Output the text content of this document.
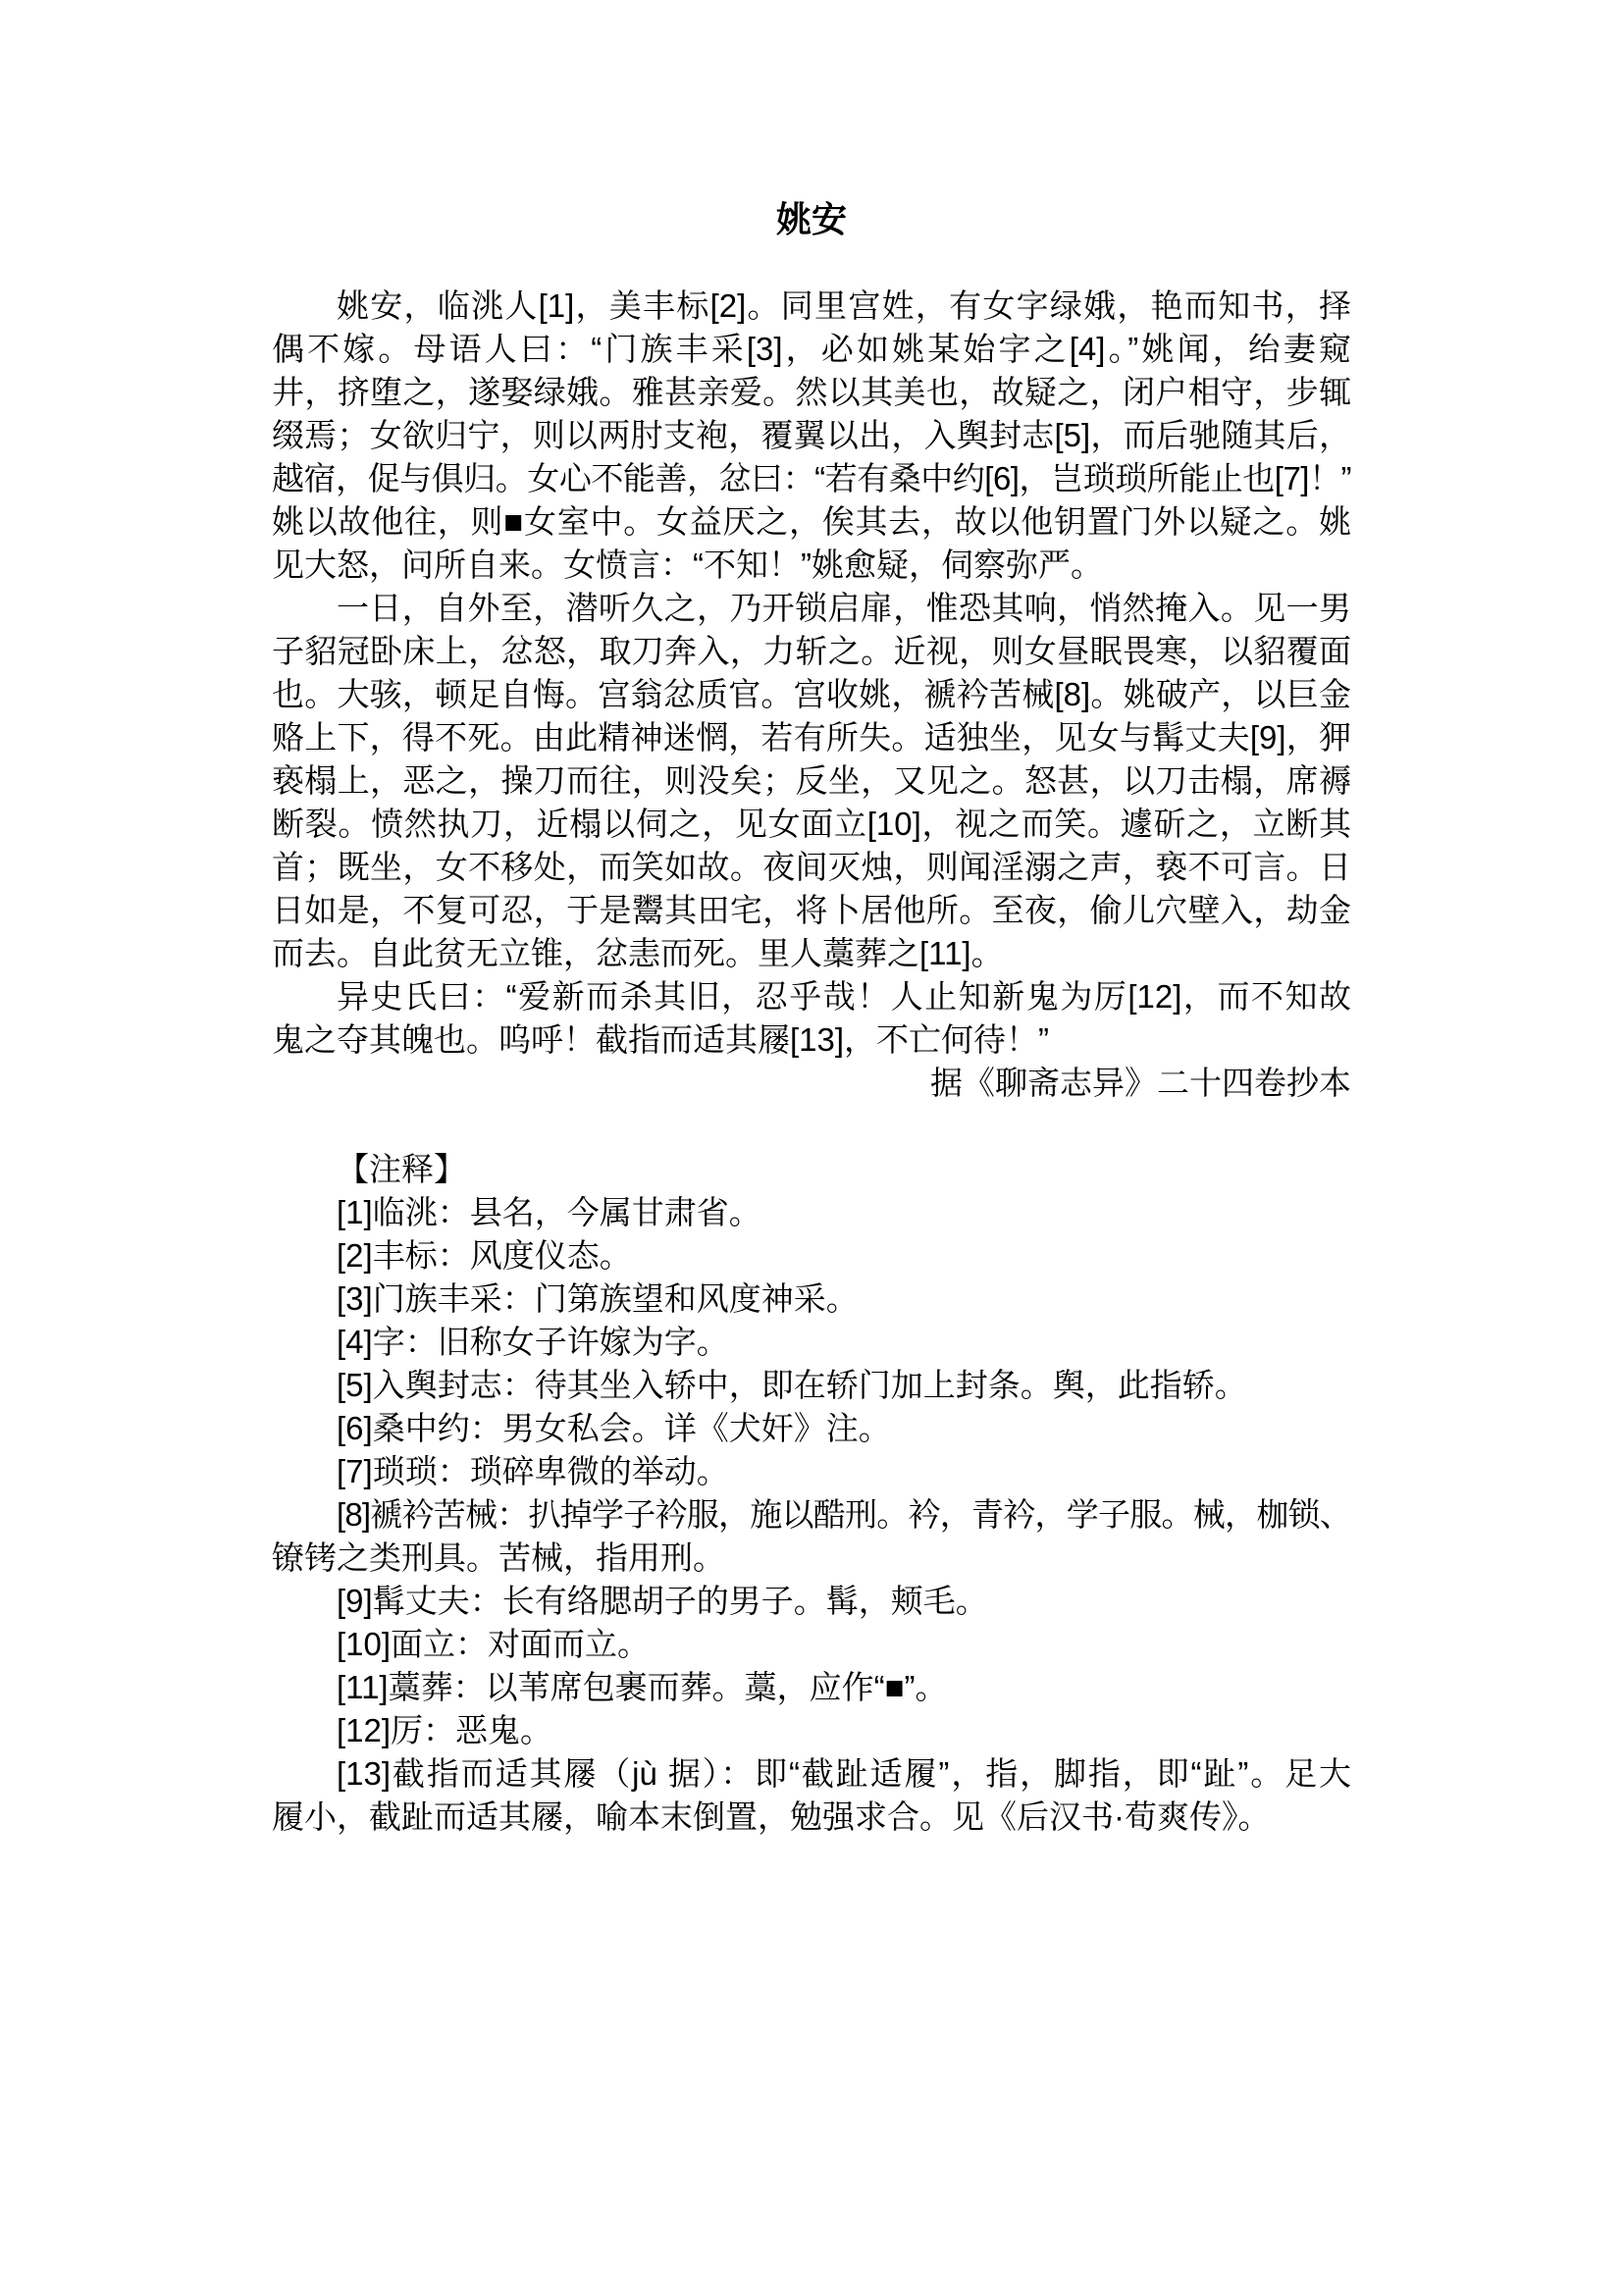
姚安
姚安，临洮人[1]，美丰标[2]。同里宫姓，有女字绿娥，艳而知书，择
偶不嫁。母语人曰：“门族丰采[3]，必如姚某始字之[4]。”姚闻，绐妻窥
井，挤堕之，遂娶绿娥。雅甚亲爱。然以其美也，故疑之，闭户相守，步辄
缀焉；女欲归宁，则以两肘支袍，覆翼以出，入舆封志[5]，而后驰随其后，
越宿，促与俱归。女心不能善，忿曰：“若有桑中约[6]，岂琐琐所能止也[7]！”
姚以故他往，则■女室中。女益厌之，俟其去，故以他钥置门外以疑之。姚
见大怒，问所自来。女愤言：“不知！”姚愈疑，伺察弥严。
一日，自外至，潜听久之，乃开锁启扉，惟恐其响，悄然掩入。见一男
子貂冠卧床上，忿怒，取刀奔入，力斩之。近视，则女昼眠畏寒，以貂覆面
也。大骇，顿足自悔。宫翁忿质官。宫收姚，褫衿苦械[8]。姚破产，以巨金
赂上下，得不死。由此精神迷惘，若有所失。适独坐，见女与髯丈夫[9]，狎
亵榻上，恶之，操刀而往，则没矣；反坐，又见之。怒甚，以刀击榻，席褥
断裂。愤然执刀，近榻以伺之，见女面立[10]，视之而笑。遽斫之，立断其
首；既坐，女不移处，而笑如故。夜间灭烛，则闻淫溺之声，亵不可言。日
日如是，不复可忍，于是鬻其田宅，将卜居他所。至夜，偷儿穴壁入，劫金
而去。自此贫无立锥，忿恚而死。里人藁葬之[11]。
异史氏曰：“爱新而杀其旧，忍乎哉！人止知新鬼为厉[12]，而不知故
鬼之夺其魄也。呜呼！截指而适其屦[13]，不亡何待！”
据《聊斋志异》二十四卷抄本
【注释】
[1]临洮：县名，今属甘肃省。
[2]丰标：风度仪态。
[3]门族丰采：门第族望和风度神采。
[4]字：旧称女子许嫁为字。
[5]入舆封志：待其坐入轿中，即在轿门加上封条。舆，此指轿。
[6]桑中约：男女私会。详《犬奸》注。
[7]琐琐：琐碎卑微的举动。
[8]褫衿苦械：扒掉学子衿服，施以酷刑。衿，青衿，学子服。械，枷锁、
镣铐之类刑具。苦械，指用刑。
[9]髯丈夫：长有络腮胡子的男子。髯，颊毛。
[10]面立：对面而立。
[11]藁葬：以苇席包裹而葬。藁，应作“■”。
[12]厉：恶鬼。
[13]截指而适其屦（jù 据）：即“截趾适履”，指，脚指，即“趾”。足大
履小，截趾而适其屦，喻本末倒置，勉强求合。见《后汉书·荀爽传》。
